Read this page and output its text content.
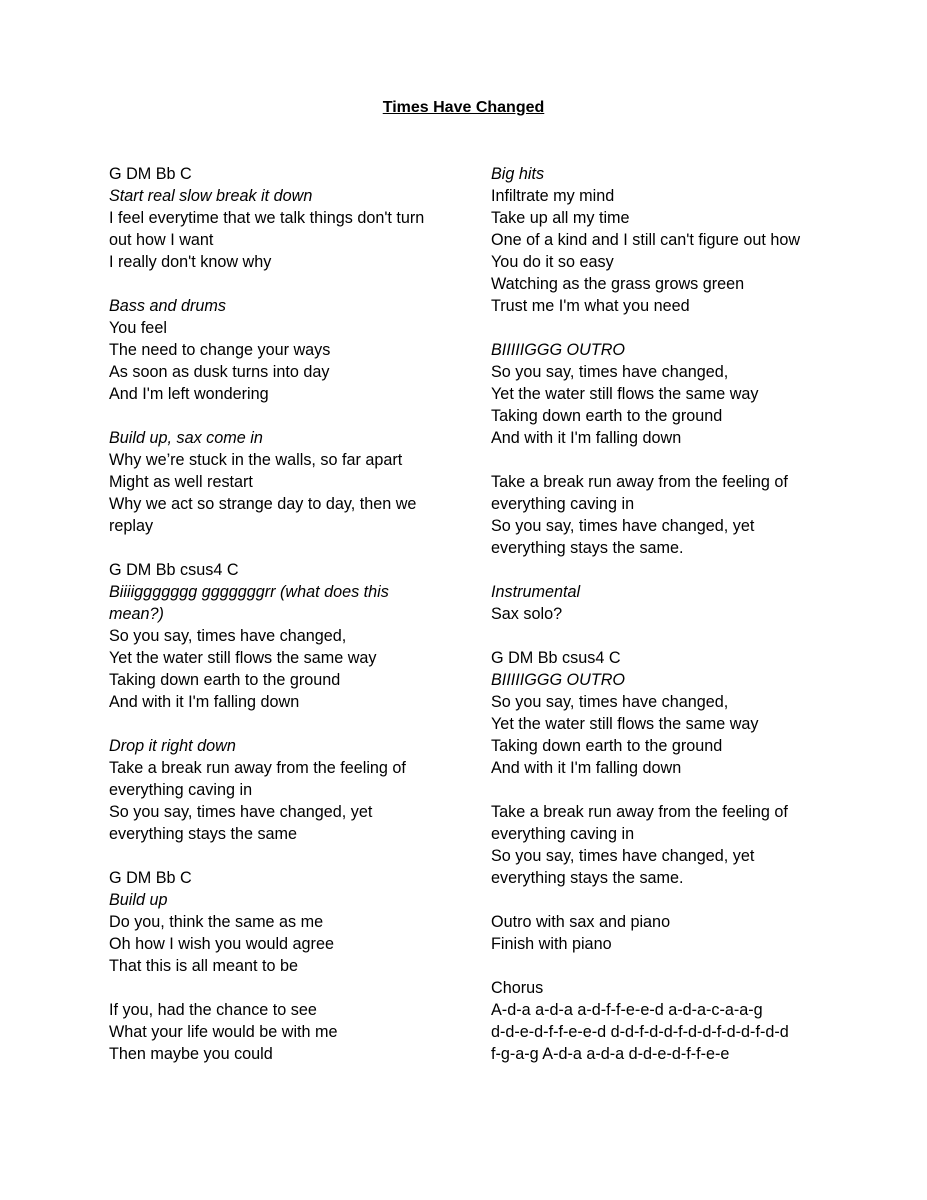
Times Have Changed
G DM Bb C
Start real slow break it down
I feel everytime that we talk things don't turn
out how I want
I really don't know why
Bass and drums
You feel
The need to change your ways
As soon as dusk turns into day
And I'm left wondering
Build up, sax come in
Why we’re stuck in the walls, so far apart
Might as well restart
Why we act so strange day to day, then we
replay
G DM Bb csus4 C
Biiiiggggggg gggggggrr (what does this
mean?)
So you say, times have changed,
Yet the water still flows the same way
Taking down earth to the ground
And with it I'm falling down
Drop it right down
Take a break run away from the feeling of
everything caving in
So you say, times have changed, yet
everything stays the same
G DM Bb C
Build up
Do you, think the same as me
Oh how I wish you would agree
That this is all meant to be
If you, had the chance to see
What your life would be with me
Then maybe you could
Big hits
Infiltrate my mind
Take up all my time
One of a kind and I still can't figure out how
You do it so easy
Watching as the grass grows green
Trust me I'm what you need
BIIIIIGGG OUTRO
So you say, times have changed,
Yet the water still flows the same way
Taking down earth to the ground
And with it I'm falling down
Take a break run away from the feeling of
everything caving in
So you say, times have changed, yet
everything stays the same.
Instrumental
Sax solo?
G DM Bb csus4 C
BIIIIIGGG OUTRO
So you say, times have changed,
Yet the water still flows the same way
Taking down earth to the ground
And with it I'm falling down
Take a break run away from the feeling of
everything caving in
So you say, times have changed, yet
everything stays the same.
Outro with sax and piano
Finish with piano
Chorus
A-d-a a-d-a a-d-f-f-e-e-d a-d-a-c-a-a-g
d-d-e-d-f-f-e-e-d d-d-f-d-d-f-d-d-f-d-d-f-d-d
f-g-a-g A-d-a a-d-a d-d-e-d-f-f-e-e
